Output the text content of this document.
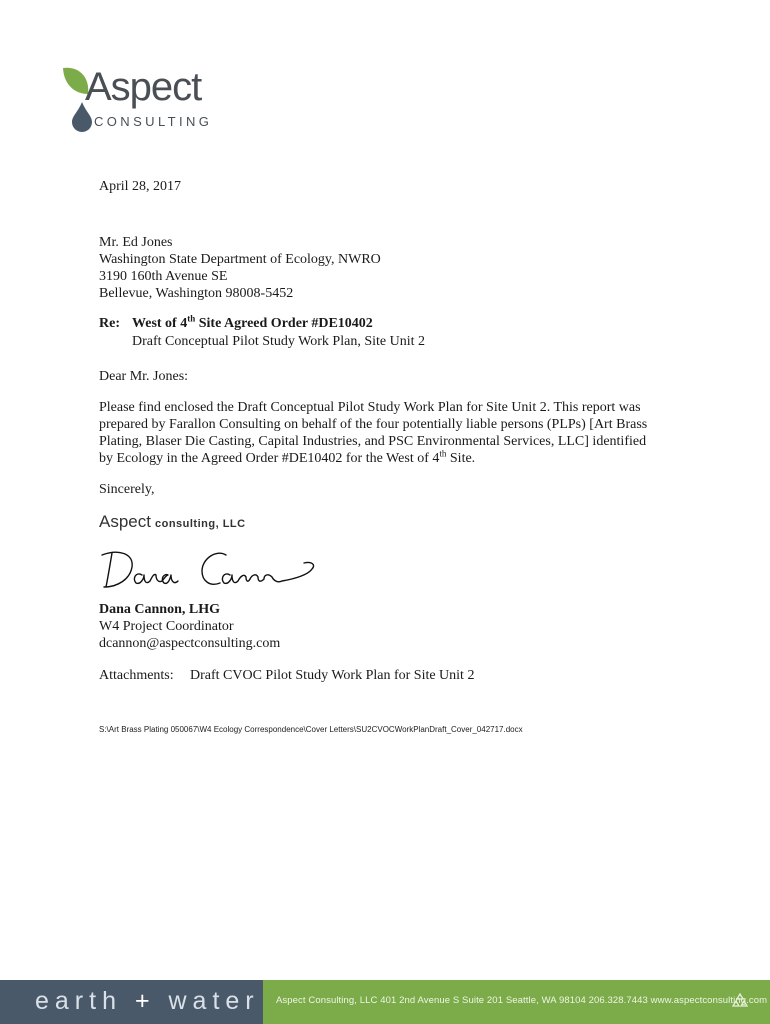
Aspect
CONSULTING
April 28, 2017
Mr. Ed Jones
Washington State Department of Ecology, NWRO
3190 160th Avenue SE
Bellevue, Washington 98008-5452
Re: West of 4th Site Agreed Order #DE10402
Draft Conceptual Pilot Study Work Plan, Site Unit 2
Dear Mr. Jones:
Please find enclosed the Draft Conceptual Pilot Study Work Plan for Site Unit 2. This report was
prepared by Farallon Consulting on behalf of the four potentially liable persons (PLPs) [Art Brass
Plating, Blaser Die Casting, Capital Industries, and PSC Environmental Services, LLC] identified
by Ecology in the Agreed Order #DE10402 for the West of 4th Site.
Sincerely,
Aspect consulting, LLC
Dana Cannon, LHG
W4 Project Coordinator
dcannon@aspectconsulting.com
Attachments: Draft CVOC Pilot Study Work Plan for Site Unit 2
S:\Art Brass Plating 050067\W4 Ecology Correspondence\Cover Letters\SU2CVOCWorkPlanDraft_Cover_042717.docx
earth + water Aspect Consulting, LLC 401 2nd Avenue S Suite 201 Seattle, WA 98104 206.328.7443 www.aspectconsulting.com
